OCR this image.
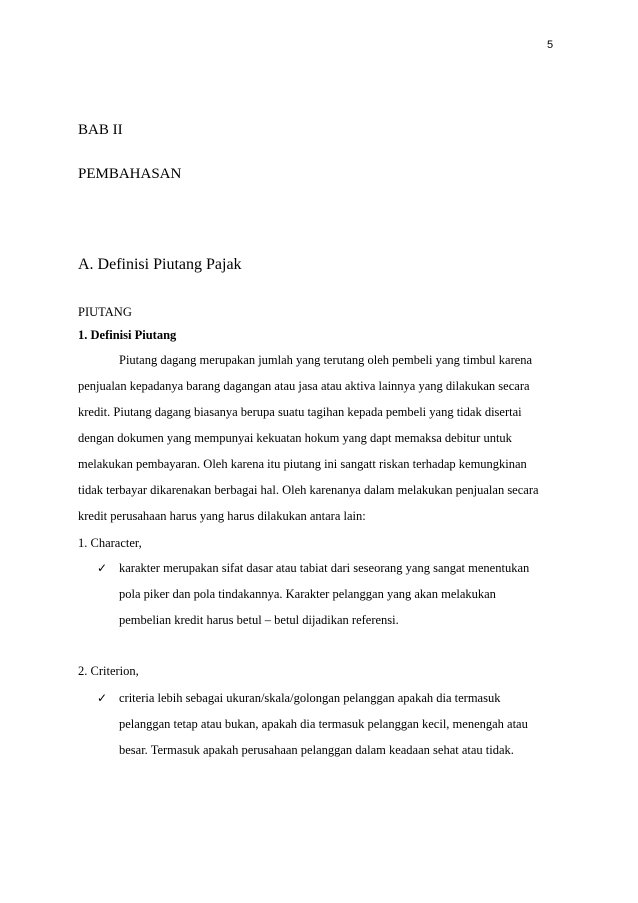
5
BAB II
PEMBAHASAN
A. Definisi Piutang Pajak
PIUTANG
1. Definisi Piutang
Piutang dagang merupakan jumlah yang terutang oleh pembeli yang timbul karena
penjualan kepadanya barang dagangan atau jasa atau aktiva lainnya yang dilakukan secara
kredit. Piutang dagang biasanya berupa suatu tagihan kepada pembeli yang tidak disertai
dengan dokumen yang mempunyai kekuatan hokum yang dapt memaksa debitur untuk
melakukan pembayaran. Oleh karena itu piutang ini sangatt riskan terhadap kemungkinan
tidak terbayar dikarenakan berbagai hal. Oleh karenanya dalam melakukan penjualan secara
kredit perusahaan harus yang harus dilakukan antara lain:
1. Character,
✓ karakter merupakan sifat dasar atau tabiat dari seseorang yang sangat menentukan
pola piker dan pola tindakannya. Karakter pelanggan yang akan melakukan
pembelian kredit harus betul – betul dijadikan referensi.
2. Criterion,
✓ criteria lebih sebagai ukuran/skala/golongan pelanggan apakah dia termasuk
pelanggan tetap atau bukan, apakah dia termasuk pelanggan kecil, menengah atau
besar. Termasuk apakah perusahaan pelanggan dalam keadaan sehat atau tidak.
